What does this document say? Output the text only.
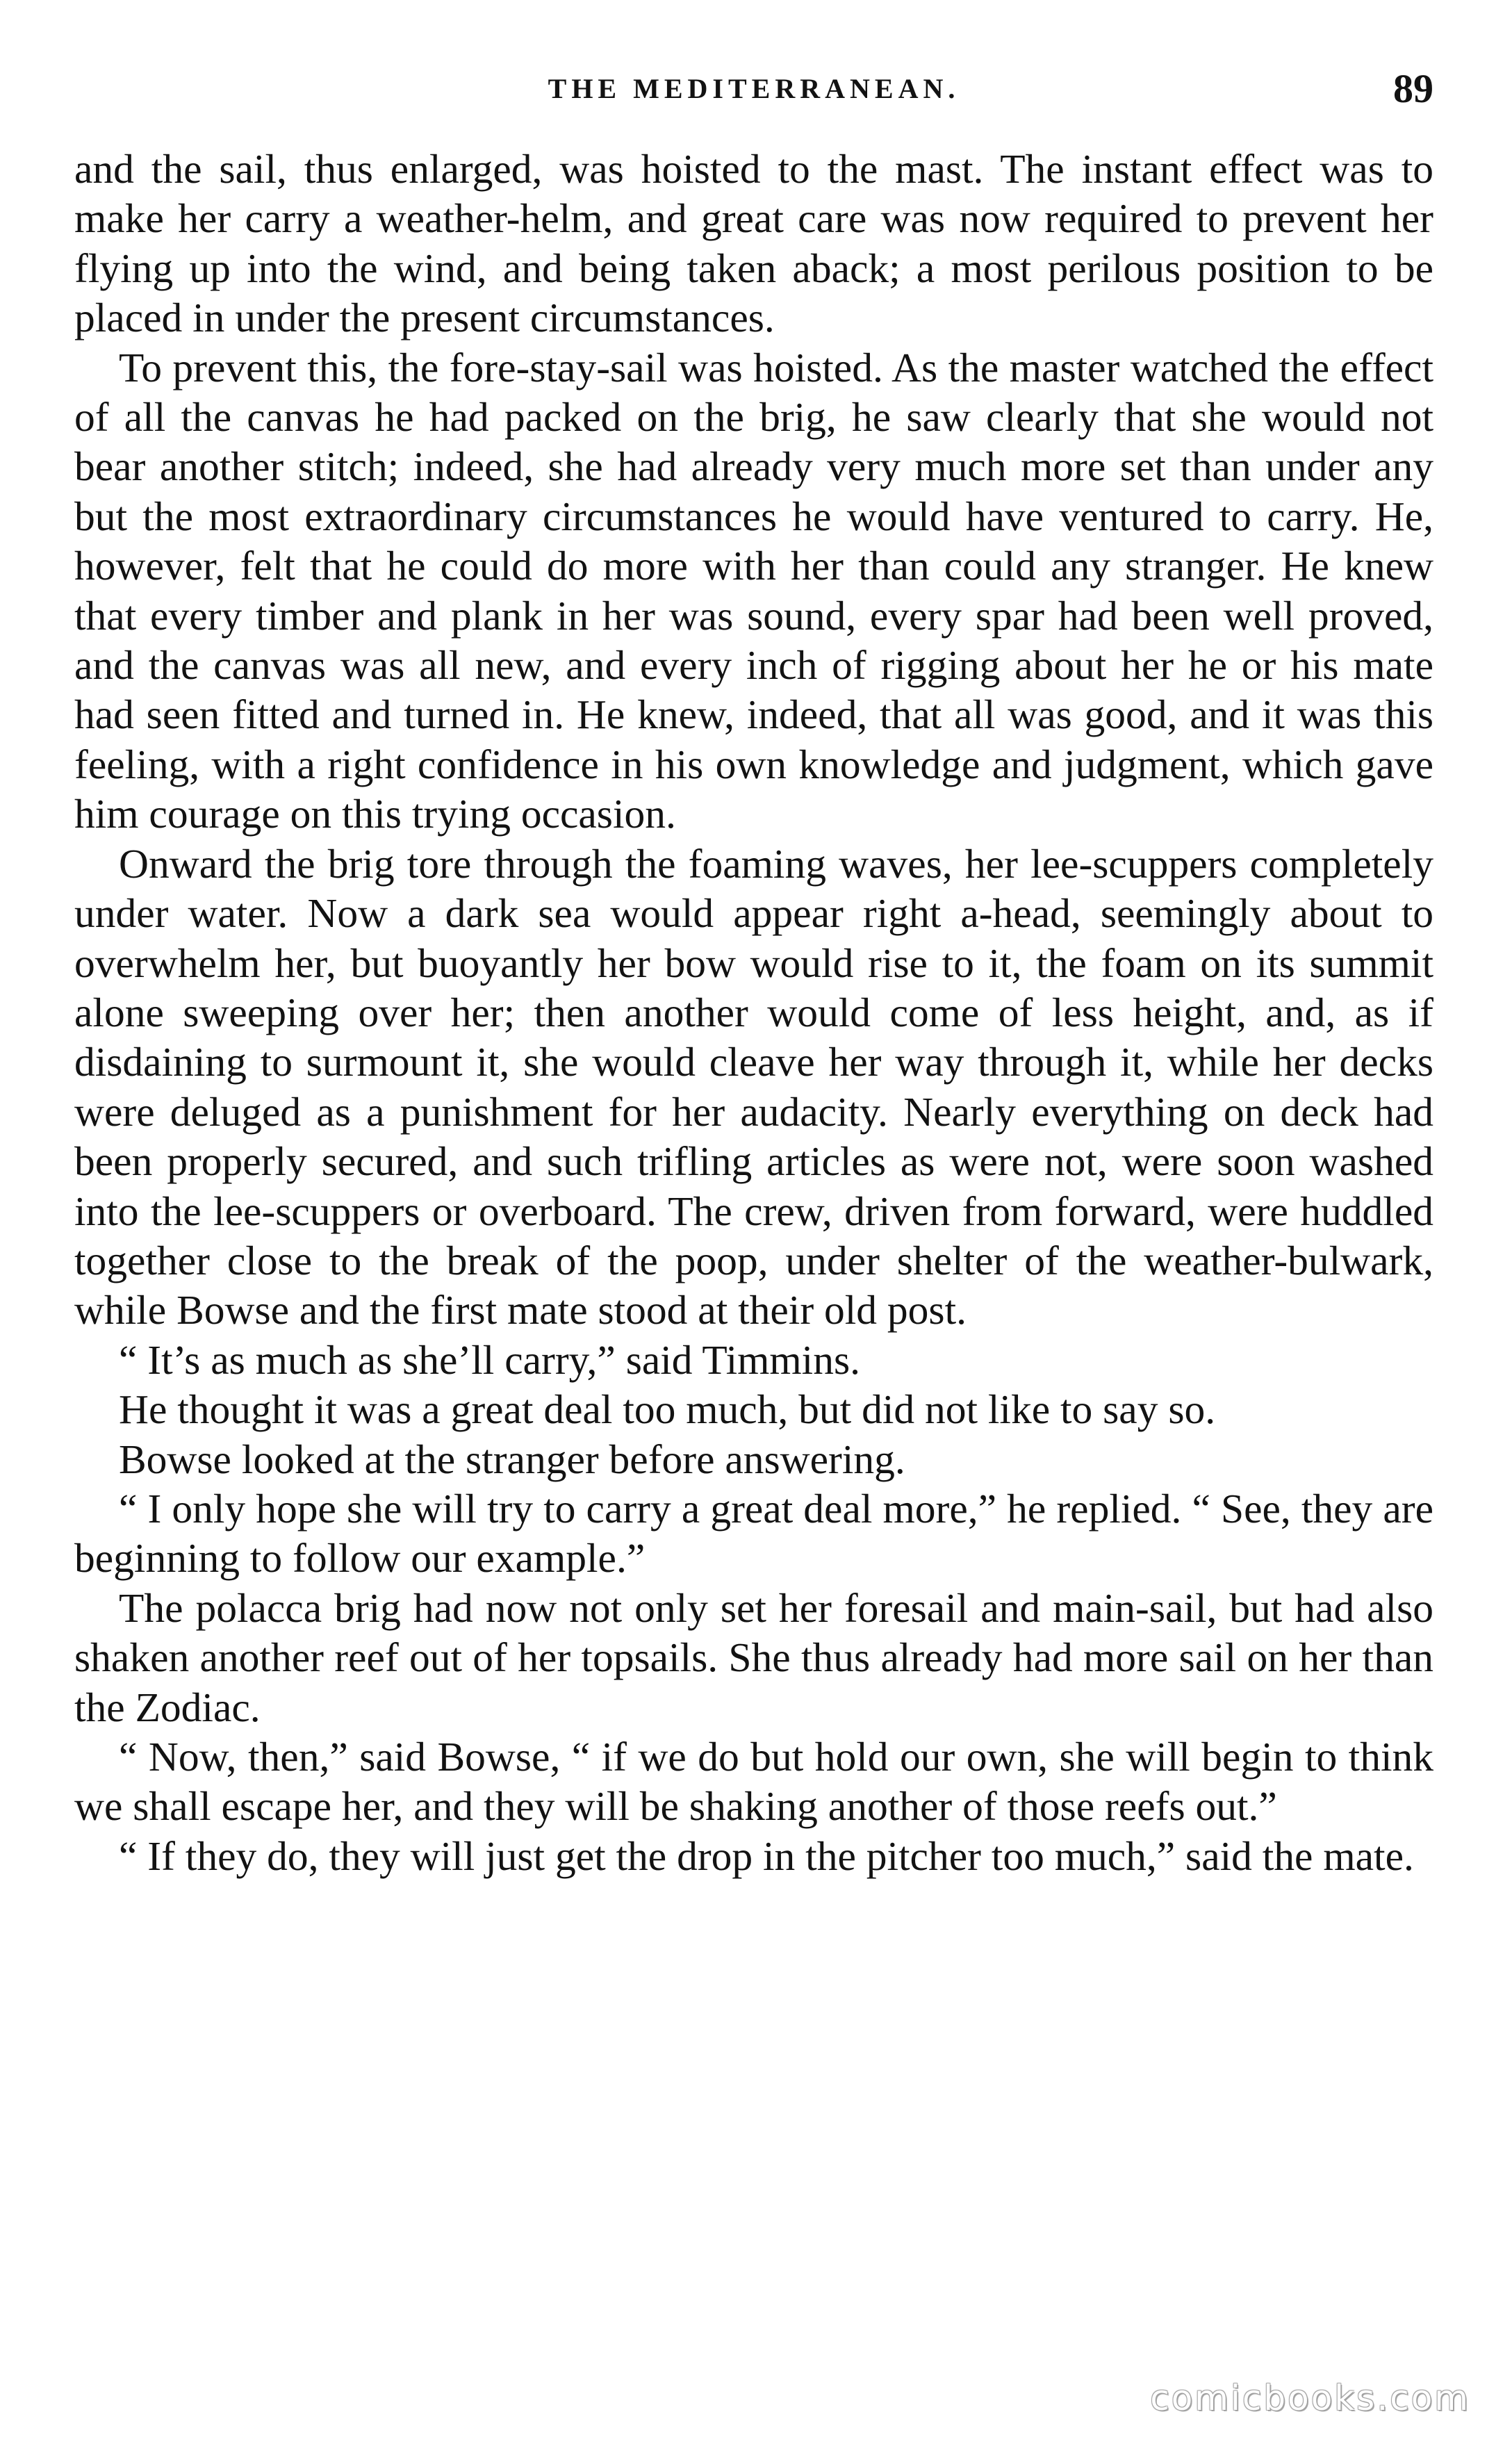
THE MEDITERRANEAN.	89

and the sail, thus enlarged, was hoisted to the mast. The instant effect was to make her carry a weather-helm, and great care was now required to prevent her flying up into the wind, and being taken aback; a most perilous position to be placed in under the present circumstances.

To prevent this, the fore-stay-sail was hoisted. As the master watched the effect of all the canvas he had packed on the brig, he saw clearly that she would not bear another stitch; indeed, she had already very much more set than under any but the most extraordinary circumstances he would have ventured to carry. He, however, felt that he could do more with her than could any stranger. He knew that every timber and plank in her was sound, every spar had been well proved, and the canvas was all new, and every inch of rigging about her he or his mate had seen fitted and turned in. He knew, indeed, that all was good, and it was this feeling, with a right confidence in his own knowledge and judgment, which gave him courage on this trying occasion.

Onward the brig tore through the foaming waves, her lee-scuppers completely under water. Now a dark sea would appear right a-head, seemingly about to overwhelm her, but buoyantly her bow would rise to it, the foam on its summit alone sweeping over her; then another would come of less height, and, as if disdaining to surmount it, she would cleave her way through it, while her decks were deluged as a punishment for her audacity. Nearly everything on deck had been properly secured, and such trifling articles as were not, were soon washed into the lee-scuppers or overboard. The crew, driven from forward, were huddled together close to the break of the poop, under shelter of the weather-bulwark, while Bowse and the first mate stood at their old post.

“ It’s as much as she’ll carry,” said Timmins.

He thought it was a great deal too much, but did not like to say so.

Bowse looked at the stranger before answering.

“ I only hope she will try to carry a great deal more,” he replied. “ See, they are beginning to follow our example.”

The polacca brig had now not only set her foresail and main-sail, but had also shaken another reef out of her topsails. She thus already had more sail on her than the Zodiac.

“ Now, then,” said Bowse, “ if we do but hold our own, she will begin to think we shall escape her, and they will be shaking another of those reefs out.”

“ If they do, they will just get the drop in the pitcher too much,” said the mate.

comicbooks.com
